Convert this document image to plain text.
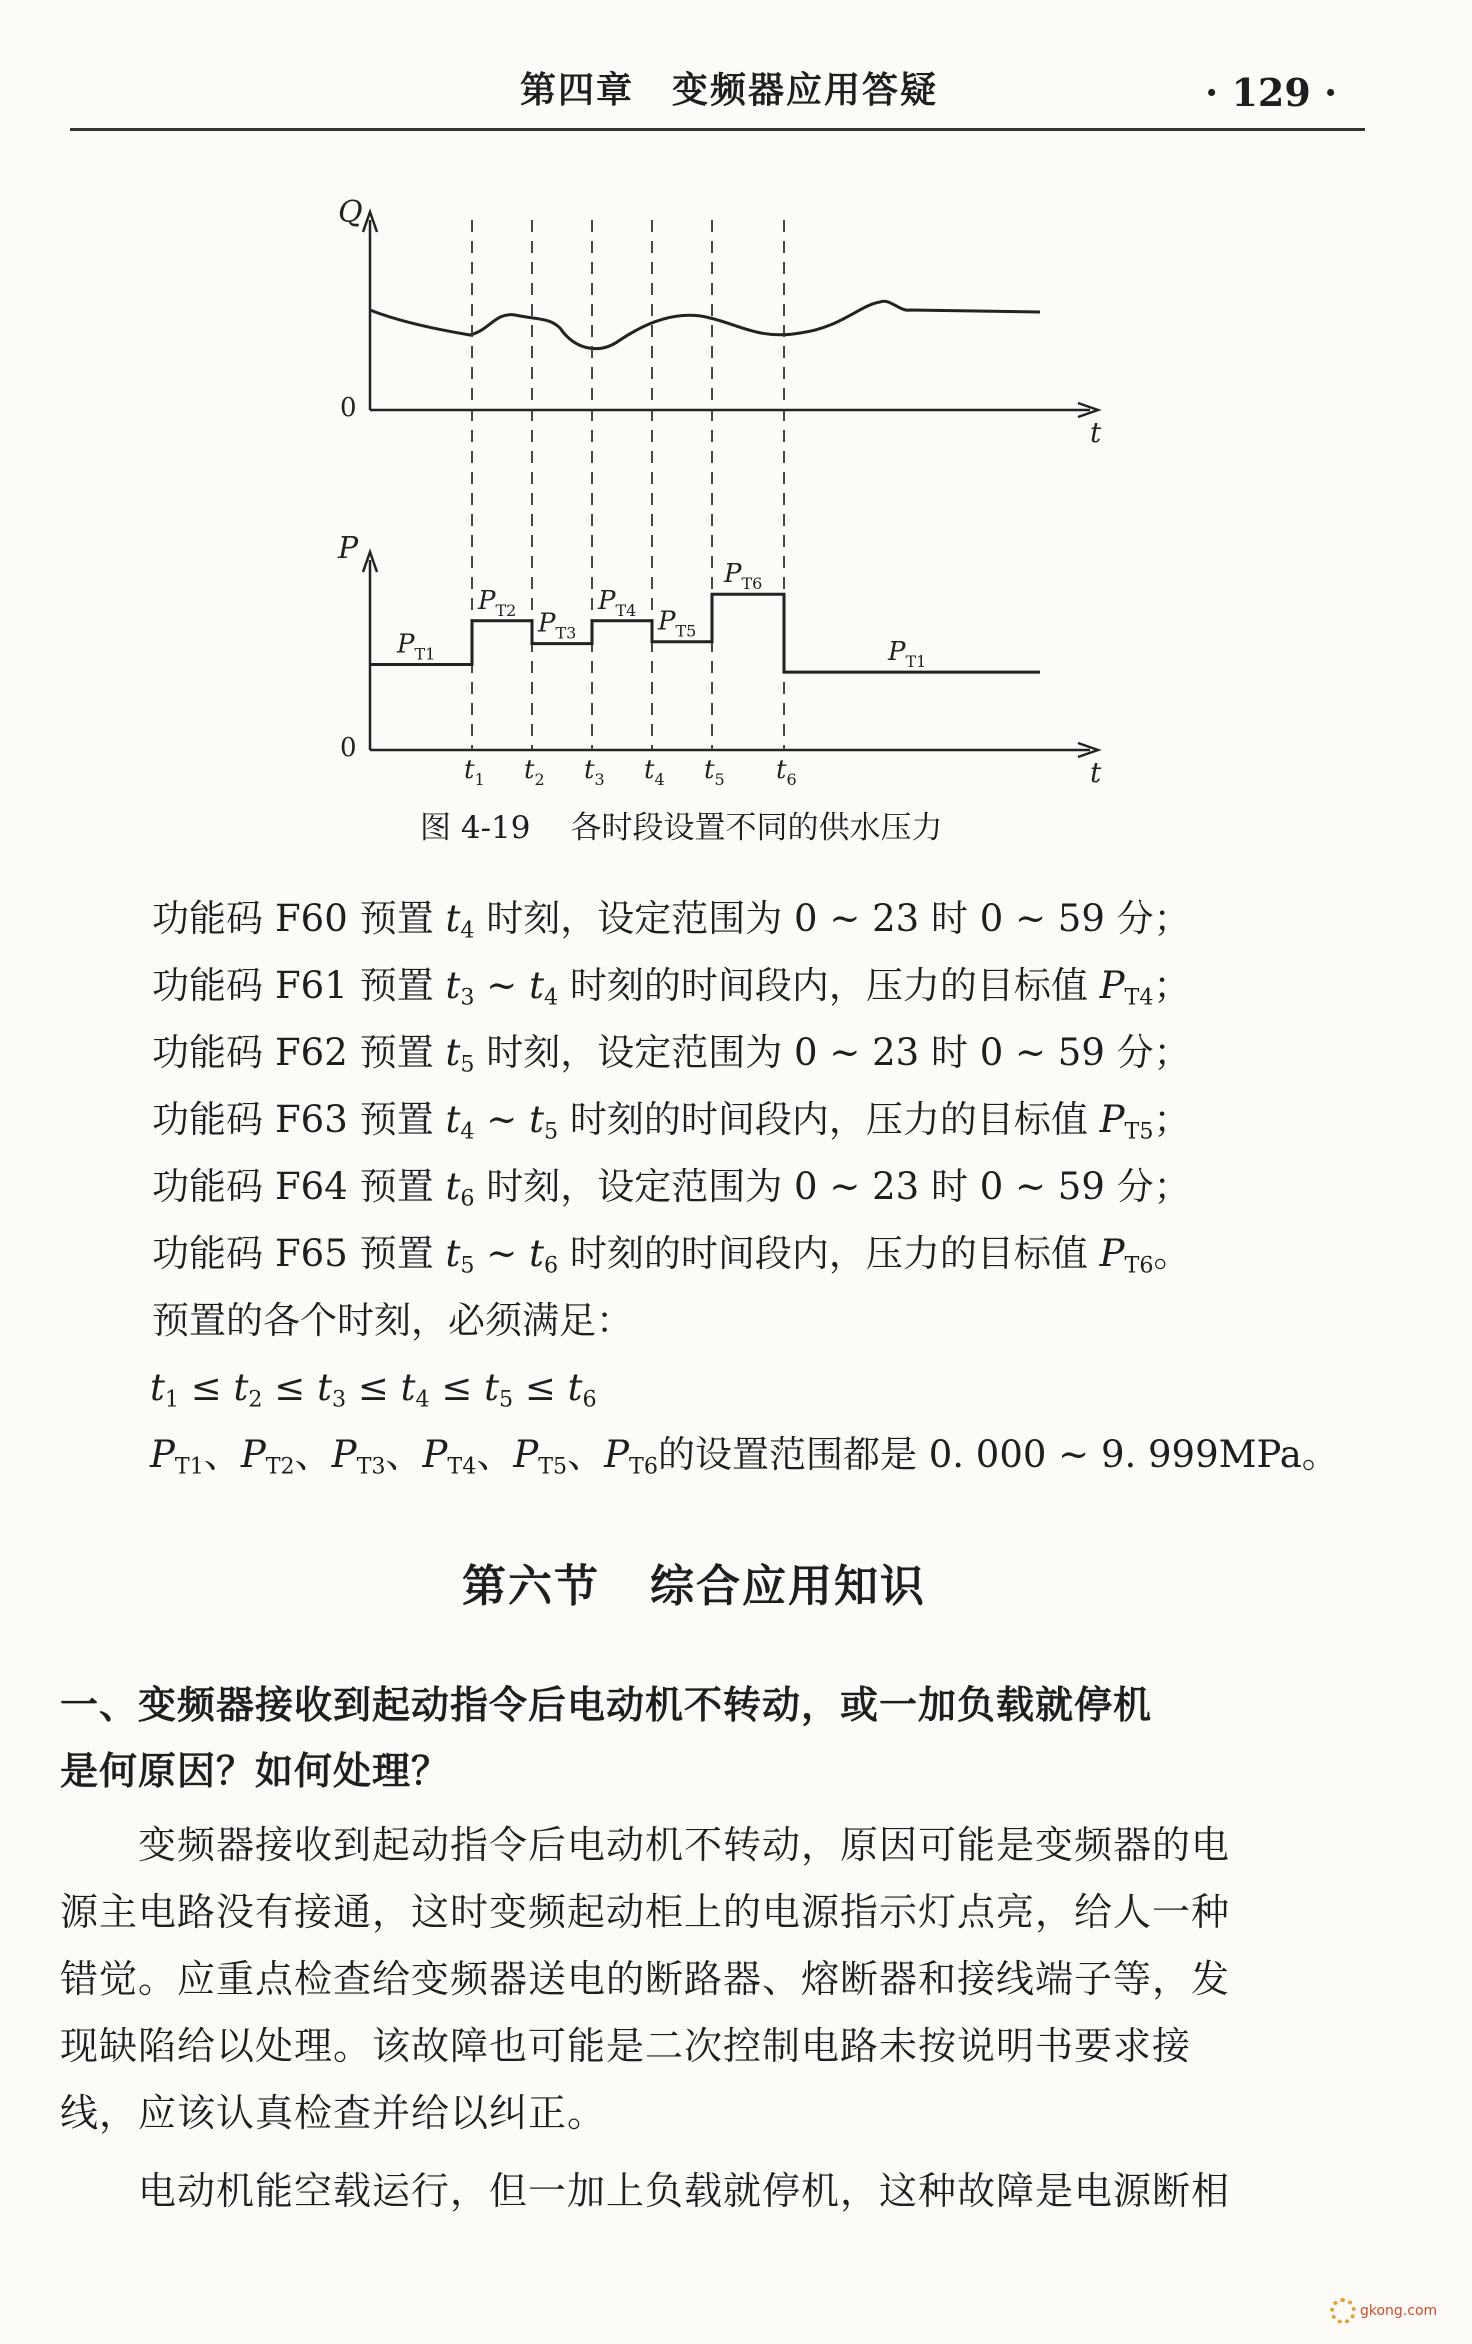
第四章　变频器应用答疑	· 129 ·
$t_1$ $t_2$ $t_3$ $t_4$ $t_5$ $t_6$
$P_{T1}$
$P_{T2}$ $P_{T3}$
$P_{T4}$ $P_{T5}$
$P_{T6}$
$P_{T1}$
Q
0
t
P
0
t
图 4-19 各时段设置不同的供水压力
功能码 F60 预置 $t_4$ 时刻，设定范围为 0 ~ 23 时 0 ~ 59 分；
功能码 F61 预置 $t_3$ ~ $t_4$ 时刻的时间段内，压力的目标值 $P_{T4}$；
功能码 F62 预置 $t_5$ 时刻，设定范围为 0 ~ 23 时 0 ~ 59 分；
功能码 F63 预置 $t_4$ ~ $t_5$ 时刻的时间段内，压力的目标值 $P_{T5}$；
功能码 F64 预置 $t_6$ 时刻，设定范围为 0 ~ 23 时 0 ~ 59 分；
功能码 F65 预置 $t_5$ ~ $t_6$ 时刻的时间段内，压力的目标值 $P_{T6}$。
预置的各个时刻，必须满足：
$t_1 \le t_2 \le t_3 \le t_4 \le t_5 \le t_6$
$P_{T1}$、$P_{T2}$、$P_{T3}$、$P_{T4}$、$P_{T5}$、$P_{T6}$的设置范围都是 0. 000 ~ 9. 999MPa。
第六节 综合应用知识
一、变频器接收到起动指令后电动机不转动，或一加负载就停机
是何原因？如何处理？
　　变频器接收到起动指令后电动机不转动，原因可能是变频器的电
源主电路没有接通，这时变频起动柜上的电源指示灯点亮，给人一种
错觉。应重点检查给变频器送电的断路器、熔断器和接线端子等，发
现缺陷给以处理。该故障也可能是二次控制电路未按说明书要求接
线，应该认真检查并给以纠正。
　　电动机能空载运行，但一加上负载就停机，这种故障是电源断相
gkong.com
